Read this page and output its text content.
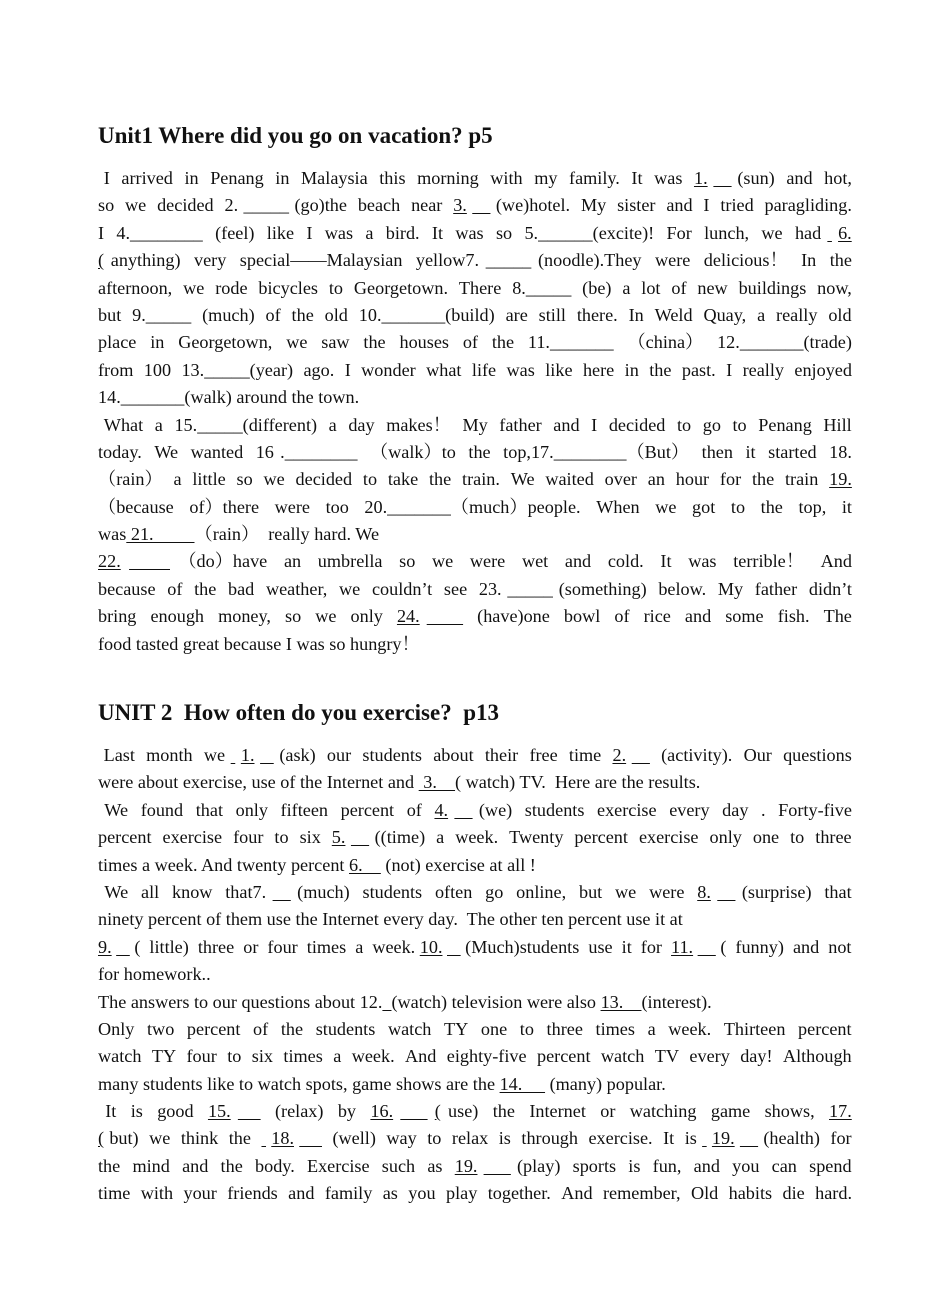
Unit1 Where did you go on vacation? p5
I arrived in Penang in Malaysia this morning with my family. It was 1.
(sun) and hot,
so we decided 2. _____ (go)the beach near 3.
(we)hotel. My sister and I tried paragliding.
I 4.________ (feel) like I was a bird. It was so 5.______(excite)! For lunch, we had
6.
( anything) very special——Malaysian yellow7. _____ (noodle).They were delicious！ In the
afternoon, we rode bicycles to Georgetown. There 8._____ (be) a lot of new buildings now,
but 9._____ (much) of the old 10._______(build) are still there. In Weld Quay, a really old
place in Georgetown, we saw the houses of the 11._______ （china） 12._______(trade)
from 100 13._____(year) ago. I wonder what life was like here in the past. I really enjoyed
14._______(walk) around the town.
What a 15._____(different) a day makes！ My father and I decided to go to Penang Hill
today. We wanted 16 .________ （walk）to the top,17.________（But） then it started 18.
（rain） a little so we decided to take the train. We waited over an hour for the train 19.
（because of）there were too 20._______（much）people. When we got to the top, it
was 21. （rain）  really hard. We
22.
	（do）have an umbrella so we were wet and cold. It was terrible！ And
because of the bad weather, we couldn’t see 23. _____ (something) below. My father didn’t
bring enough money, so we only 24.
	(have)one bowl of rice and some fish. The
food tasted great because I was so hungry！
UNIT 2  How often do you exercise?  p13
Last month we
1.
(ask) our students about their free time 2.
(activity). Our questions
were about exercise, use of the Internet and 3. ( watch) TV.  Here are the results.
We found that only fifteen percent of 4.
(we) students exercise every day . Forty-five
percent exercise four to six 5.
((time) a week. Twenty percent exercise only one to three
times a week. And twenty percent 6. (not) exercise at all !
We all know that7.
(much) students often go online, but we were 8.
(surprise) that
ninety percent of them use the Internet every day.  The other ten percent use it at
9.
( little) three or four times a week. 10.
(Much)students use it for 11.
( funny) and not
for homework..
The answers to our questions about 12.
(watch) television were also 13. (interest).
Only two percent of the students watch TY one to three times a week. Thirteen percent
watch TY four to six times a week. And eighty-five percent watch TV every day! Although
many students like to watch spots, game shows are the 14. (many) popular.
It is good 15.
(relax) by 16.
( use) the Internet or watching game shows, 17.
( but) we think the
18.
(well) way to relax is through exercise. It is
19.
(health) for
the mind and the body. Exercise such as 19.
(play) sports is fun, and you can spend
time with your friends and family as you play together. And remember, Old habits die hard.
